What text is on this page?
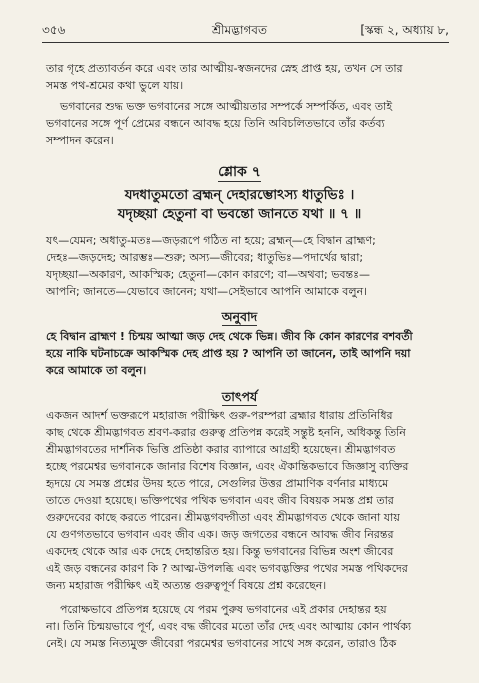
৩৫৬	শ্রীমদ্ভাগবত	[স্কন্ধ ২, অধ্যায় ৮,
তার গৃহে প্রত্যাবর্তন করে এবং তার আত্মীয়-স্বজনদের স্নেহ প্রাপ্ত হয়, তখন সে তার
সমস্ত পথ-শ্রমের কথা ভুলে যায়।
ভগবানের শুদ্ধ ভক্ত ভগবানের সঙ্গে আত্মীয়তার সম্পর্কে সম্পর্কিত, এবং তাই
ভগবানের সঙ্গে পূর্ণ প্রেমের বন্ধনে আবদ্ধ হয়ে তিনি অবিচলিতভাবে তাঁর কর্তব্য
সম্পাদন করেন।
শ্লোক ৭
যদধাতুমতো ব্রহ্মন্ দেহারম্ভোঽস্য ধাতুভিঃ ।
যদৃচ্ছয়া হেতুনা বা ভবন্তো জানতে যথা ॥ ৭ ॥
যৎ—যেমন; অধাতু-মতঃ—জড়রূপে গঠিত না হয়ে; ব্রহ্মন্—হে বিদ্বান ব্রাহ্মণ;
দেহঃ—জড়দেহ; আরম্ভঃ—শুরু; অস্য—জীবের; ধাতুভিঃ—পদার্থের দ্বারা;
যদৃচ্ছয়া—অকারণ, আকস্মিক; হেতুনা—কোন কারণে; বা—অথবা; ভবন্তঃ—
আপনি; জানতে—যেভাবে জানেন; যথা—সেইভাবে আপনি আমাকে বলুন।
অনুবাদ
হে বিদ্বান ব্রাহ্মণ ! চিন্ময় আত্মা জড় দেহ থেকে ভিন্ন। জীব কি কোন কারণের বশবর্তী
হয়ে নাকি ঘটনাচক্রে আকস্মিক দেহ প্রাপ্ত হয় ? আপনি তা জানেন, তাই আপনি দয়া
করে আমাকে তা বলুন।
তাৎপর্য
একজন আদর্শ ভক্তরূপে মহারাজ পরীক্ষিৎ গুরু-পরম্পরা ব্রহ্মার ধারায় প্রতিনিধির
কাছ থেকে শ্রীমদ্ভাগবত শ্রবণ-করার গুরুত্ব প্রতিপন্ন করেই সন্তুষ্ট হননি, অধিকন্তু তিনি
শ্রীমদ্ভাগবতের দার্শনিক ভিত্তি প্রতিষ্ঠা করার ব্যাপারে আগ্রহী হয়েছেন। শ্রীমদ্ভাগবত
হচ্ছে পরমেশ্বর ভগবানকে জানার বিশেষ বিজ্ঞান, এবং ঐকান্তিকভাবে জিজ্ঞাসু ব্যক্তির
হৃদয়ে যে সমস্ত প্রশ্নের উদয় হতে পারে, সেগুলির উত্তর প্রামাণিক বর্ণনার মাধ্যমে
তাতে দেওয়া হয়েছে। ভক্তিপথের পথিক ভগবান এবং জীব বিষয়ক সমস্ত প্রশ্ন তার
গুরুদেবের কাছে করতে পারেন। শ্রীমদ্ভগবদ্গীতা এবং শ্রীমদ্ভাগবত থেকে জানা যায়
যে গুণগতভাবে ভগবান এবং জীব এক। জড় জগতের বন্ধনে আবদ্ধ জীব নিরন্তর
একদেহ থেকে আর এক দেহে দেহান্তরিত হয়। কিন্তু ভগবানের বিভিন্ন অংশ জীবের
এই জড় বন্ধনের কারণ কি ? আত্ম-উপলব্ধি এবং ভগবদ্ভক্তির পথের সমস্ত পথিকদের
জন্য মহারাজ পরীক্ষিৎ এই অত্যন্ত গুরুত্বপূর্ণ বিষয়ে প্রশ্ন করেছেন।
পরোক্ষভাবে প্রতিপন্ন হয়েছে যে পরম পুরুষ ভগবানের এই প্রকার দেহান্তর হয়
না। তিনি চিন্ময়ভাবে পূর্ণ, এবং বদ্ধ জীবের মতো তাঁর দেহ এবং আত্মায় কোন পার্থক্য
নেই। যে সমস্ত নিত্যমুক্ত জীবেরা পরমেশ্বর ভগবানের সাথে সঙ্গ করেন, তারাও ঠিক
